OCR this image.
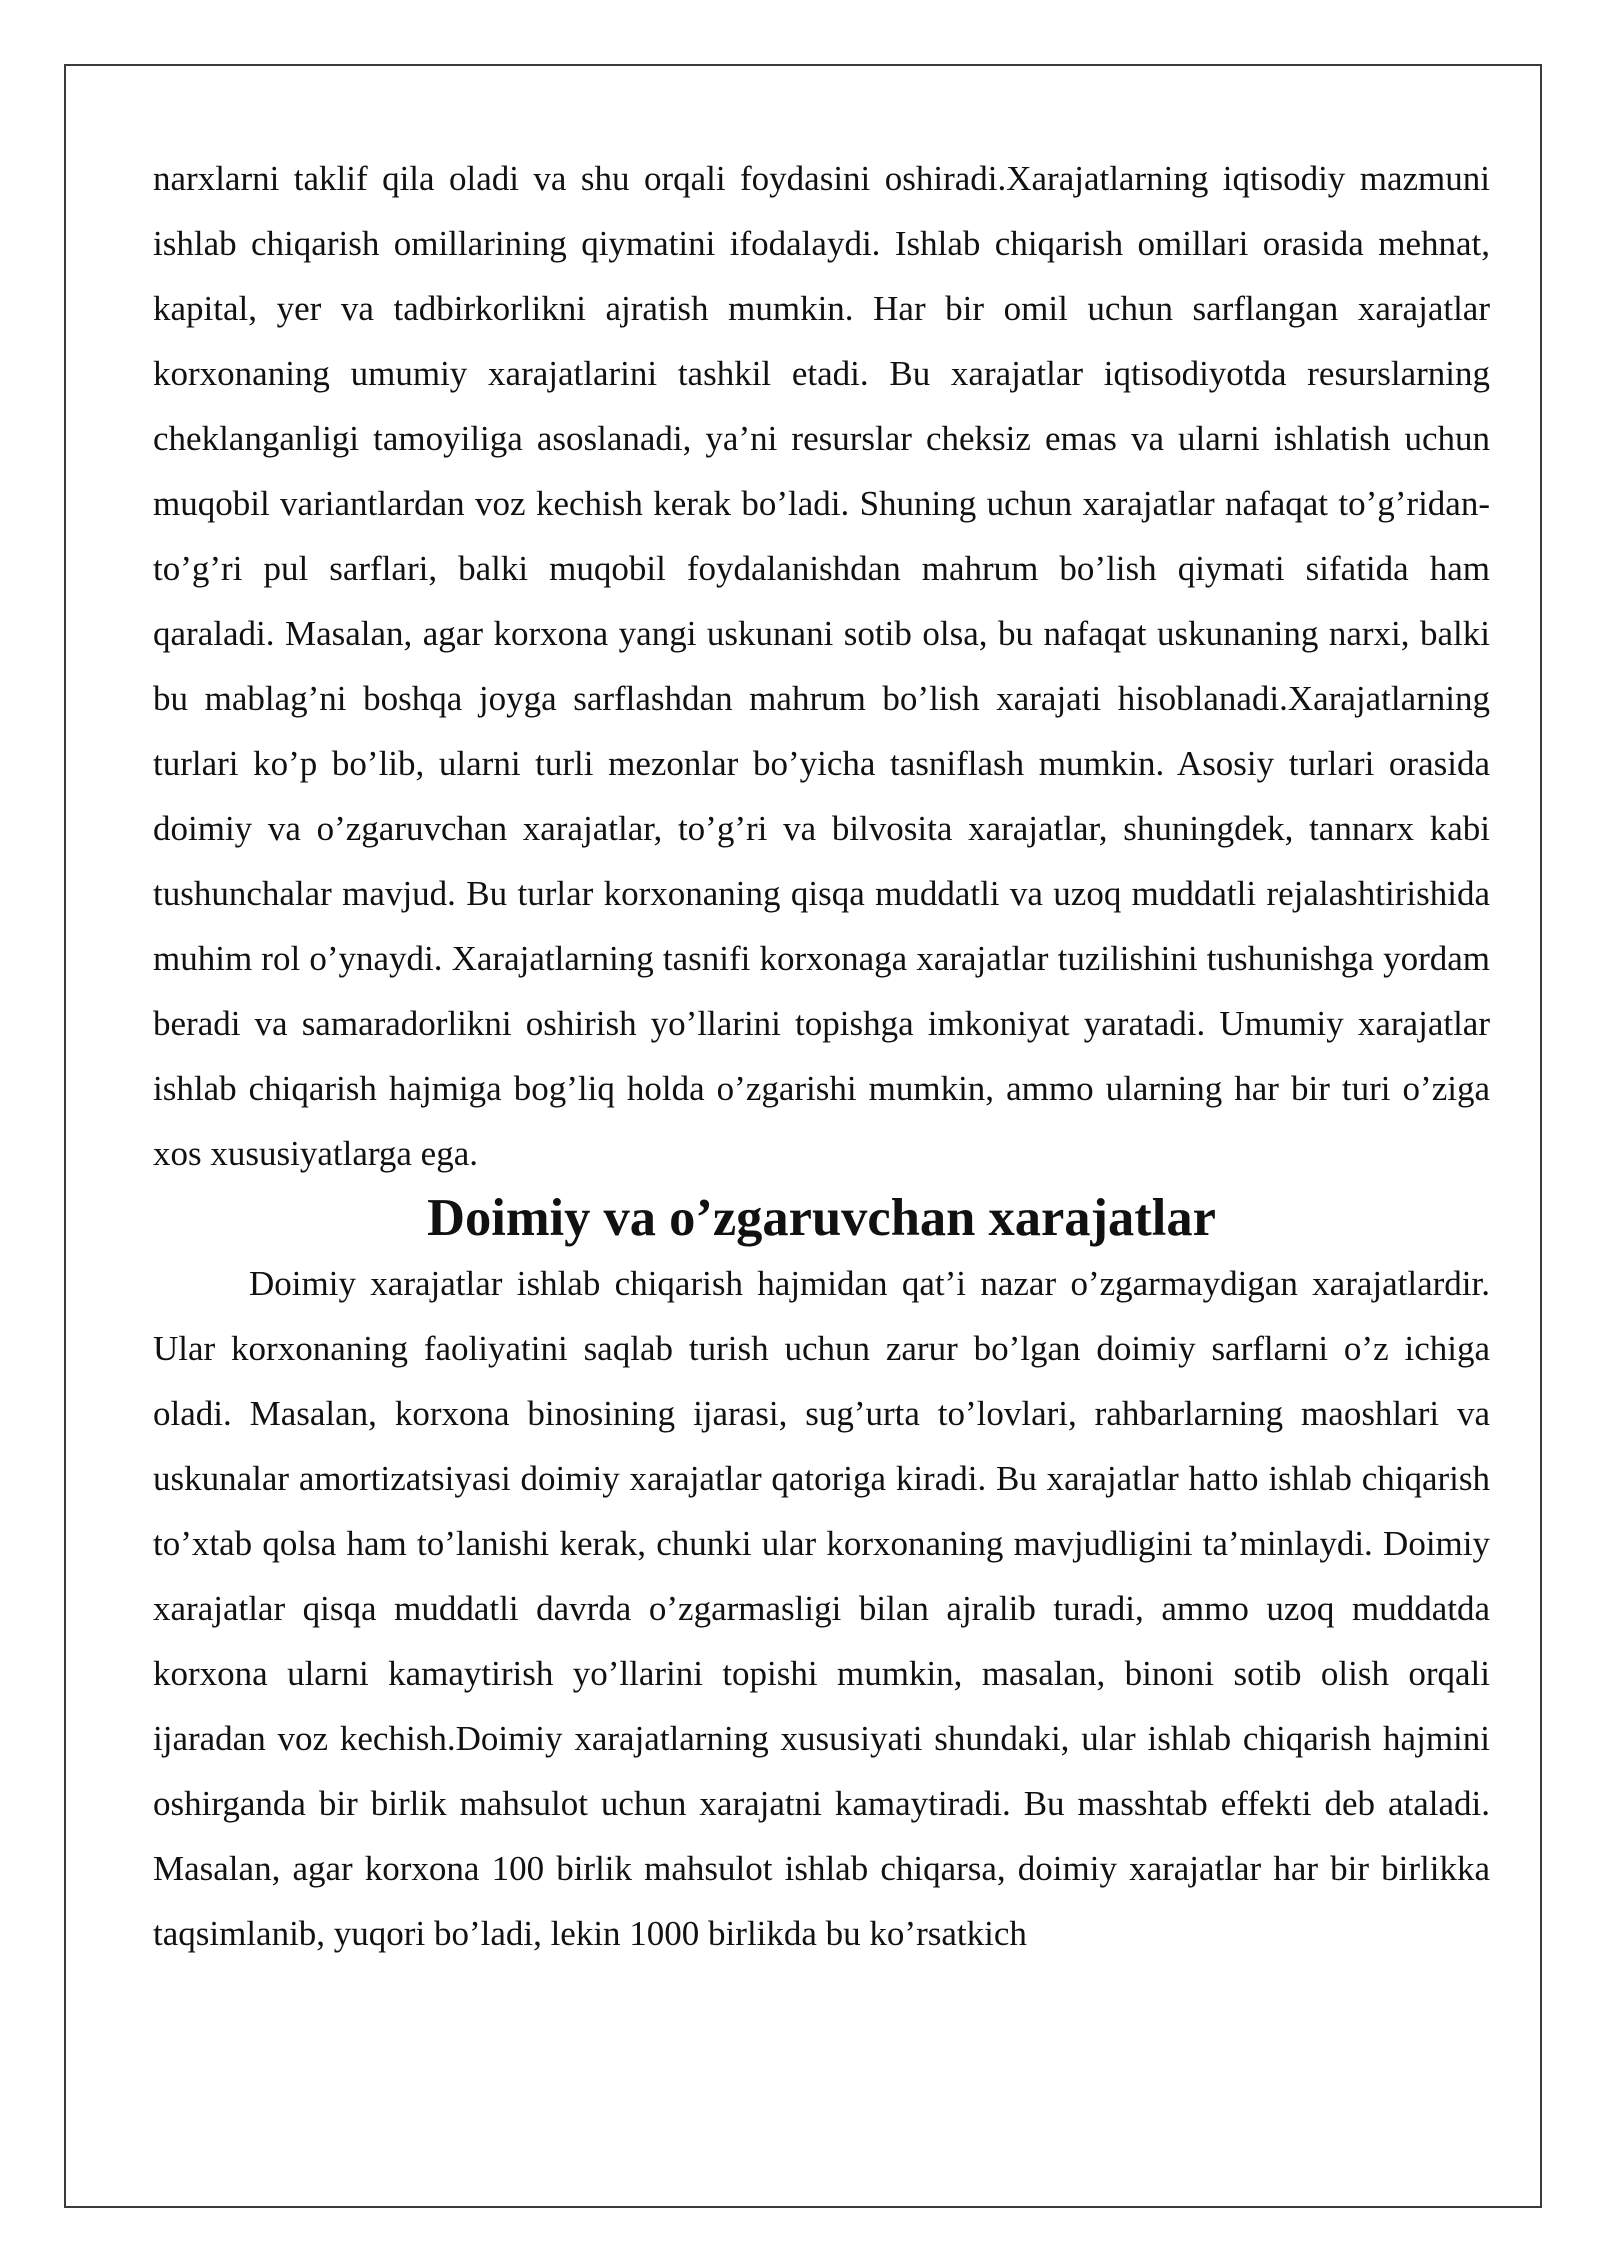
narxlarni taklif qila oladi va shu orqali foydasini oshiradi.Xarajatlarning iqtisodiy mazmuni ishlab chiqarish omillarining qiymatini ifodalaydi. Ishlab chiqarish omillari orasida mehnat, kapital, yer va tadbirkorlikni ajratish mumkin. Har bir omil uchun sarflangan xarajatlar korxonaning umumiy xarajatlarini tashkil etadi. Bu xarajatlar iqtisodiyotda resurslarning cheklanganligi tamoyiliga asoslanadi, ya’ni resurslar cheksiz emas va ularni ishlatish uchun muqobil variantlardan voz kechish kerak bo’ladi. Shuning uchun xarajatlar nafaqat to’g’ridan-to’g’ri pul sarflari, balki muqobil foydalanishdan mahrum bo’lish qiymati sifatida ham qaraladi. Masalan, agar korxona yangi uskunani sotib olsa, bu nafaqat uskunaning narxi, balki bu mablag’ni boshqa joyga sarflashdan mahrum bo’lish xarajati hisoblanadi.Xarajatlarning turlari ko’p bo’lib, ularni turli mezonlar bo’yicha tasniflash mumkin. Asosiy turlari orasida doimiy va o’zgaruvchan xarajatlar, to’g’ri va bilvosita xarajatlar, shuningdek, tannarx kabi tushunchalar mavjud. Bu turlar korxonaning qisqa muddatli va uzoq muddatli rejalashtirishida muhim rol o’ynaydi. Xarajatlarning tasnifi korxonaga xarajatlar tuzilishini tushunishga yordam beradi va samaradorlikni oshirish yo’llarini topishga imkoniyat yaratadi. Umumiy xarajatlar ishlab chiqarish hajmiga bog’liq holda o’zgarishi mumkin, ammo ularning har bir turi o’ziga xos xususiyatlarga ega.

Doimiy va o’zgaruvchan xarajatlar

Doimiy xarajatlar ishlab chiqarish hajmidan qat’i nazar o’zgarmaydigan xarajatlardir. Ular korxonaning faoliyatini saqlab turish uchun zarur bo’lgan doimiy sarflarni o’z ichiga oladi. Masalan, korxona binosining ijarasi, sug’urta to’lovlari, rahbarlarning maoshlari va uskunalar amortizatsiyasi doimiy xarajatlar qatoriga kiradi. Bu xarajatlar hatto ishlab chiqarish to’xtab qolsa ham to’lanishi kerak, chunki ular korxonaning mavjudligini ta’minlaydi. Doimiy xarajatlar qisqa muddatli davrda o’zgarmasligi bilan ajralib turadi, ammo uzoq muddatda korxona ularni kamaytirish yo’llarini topishi mumkin, masalan, binoni sotib olish orqali ijaradan voz kechish.Doimiy xarajatlarning xususiyati shundaki, ular ishlab chiqarish hajmini oshirganda bir birlik mahsulot uchun xarajatni kamaytiradi. Bu masshtab effekti deb ataladi. Masalan, agar korxona 100 birlik mahsulot ishlab chiqarsa, doimiy xarajatlar har bir birlikka taqsimlanib, yuqori bo’ladi, lekin 1000 birlikda bu ko’rsatkich
